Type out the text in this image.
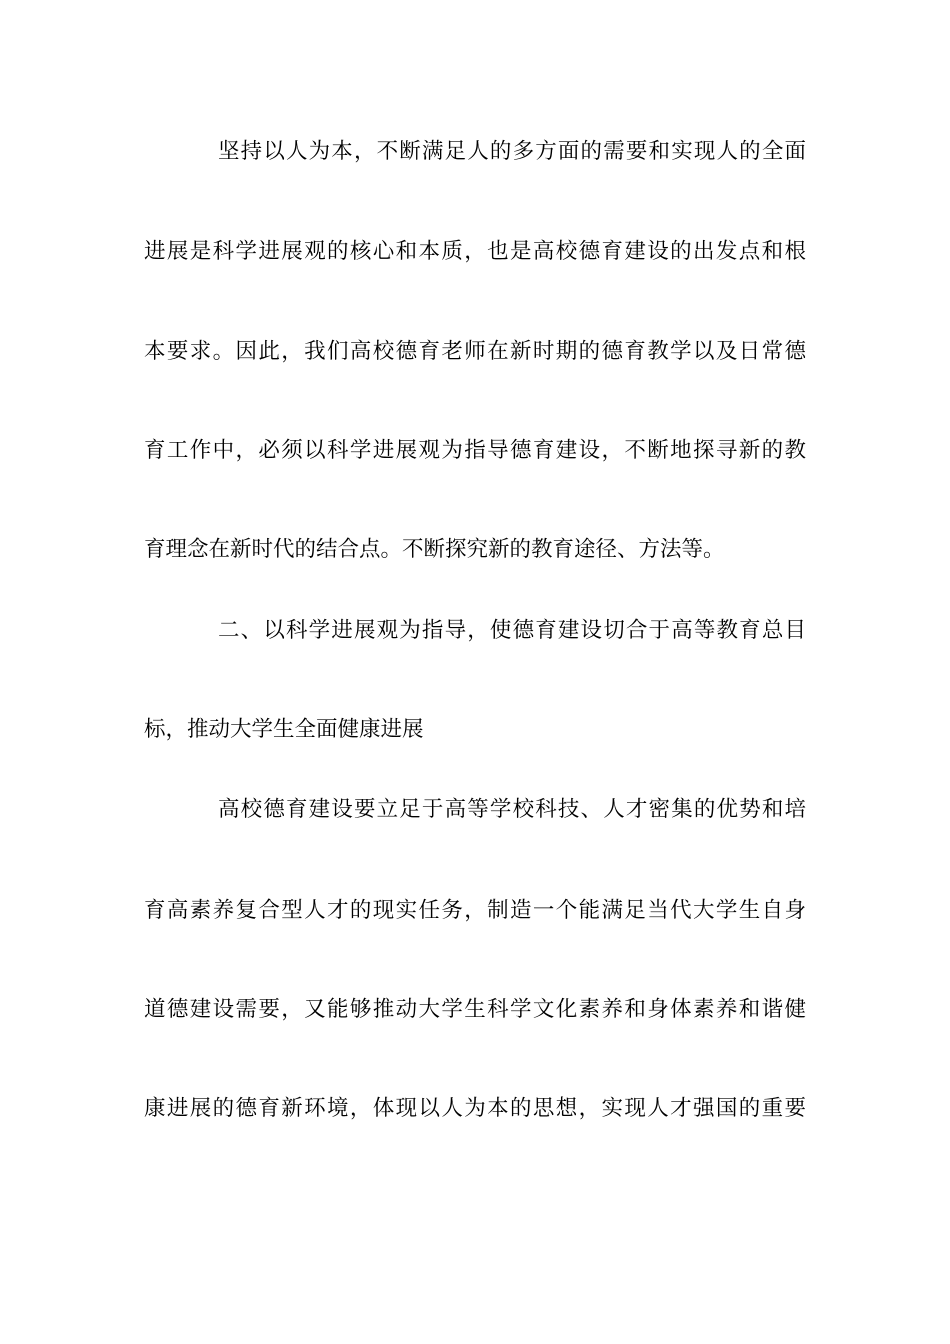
坚持以人为本，不断满足人的多方面的需要和实现人的全面
进展是科学进展观的核心和本质，也是高校德育建设的出发点和根
本要求。因此，我们高校德育老师在新时期的德育教学以及日常德
育工作中，必须以科学进展观为指导德育建设，不断地探寻新的教
育理念在新时代的结合点。不断探究新的教育途径、方法等。
二、以科学进展观为指导，使德育建设切合于高等教育总目
标，推动大学生全面健康进展
高校德育建设要立足于高等学校科技、人才密集的优势和培
育高素养复合型人才的现实任务，制造一个能满足当代大学生自身
道德建设需要，又能够推动大学生科学文化素养和身体素养和谐健
康进展的德育新环境，体现以人为本的思想，实现人才强国的重要
